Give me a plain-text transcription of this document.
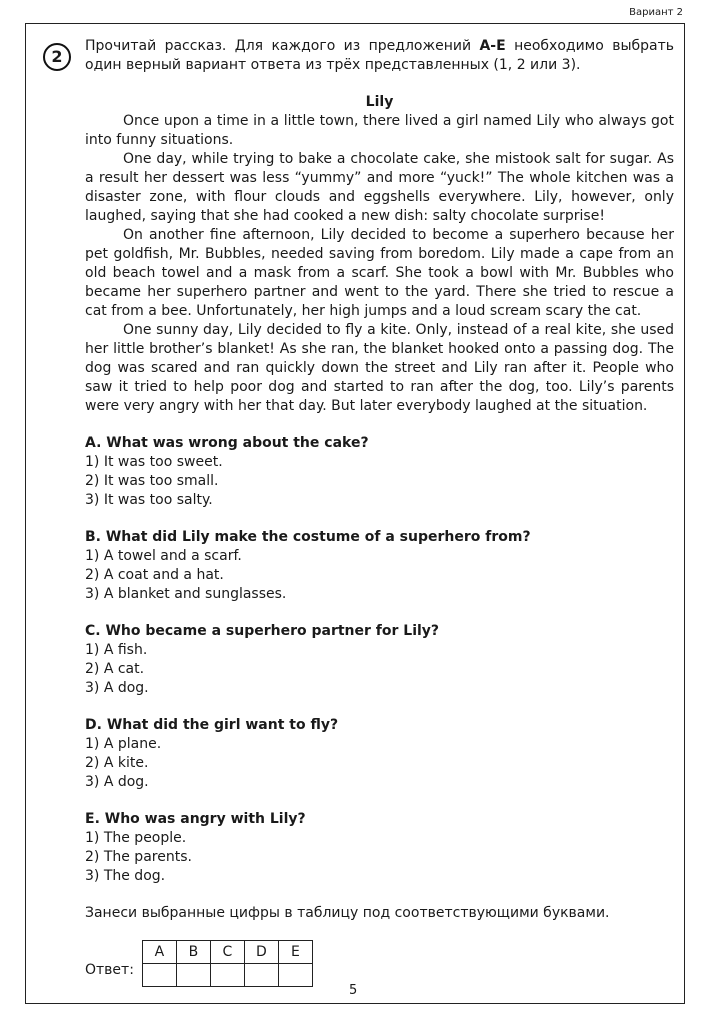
Вариант 2
2

Прочитай рассказ. Для каждого из предложений A-E необходимо выбрать один верный вариант ответа из трёх представленных (1, 2 или 3).

Lily

Once upon a time in a little town, there lived a girl named Lily who always got into funny situations.

One day, while trying to bake a chocolate cake, she mistook salt for sugar. As a result her dessert was less “yummy” and more “yuck!” The whole kitchen was a disaster zone, with flour clouds and eggshells everywhere. Lily, however, only laughed, saying that she had cooked a new dish: salty chocolate surprise!

On another fine afternoon, Lily decided to become a superhero because her pet goldfish, Mr. Bubbles, needed saving from boredom. Lily made a cape from an old beach towel and a mask from a scarf. She took a bowl with Mr. Bubbles who became her superhero partner and went to the yard. There she tried to rescue a cat from a bee. Unfortunately, her high jumps and a loud scream scary the cat.

One sunny day, Lily decided to fly a kite. Only, instead of a real kite, she used her little brother’s blanket! As she ran, the blanket hooked onto a passing dog. The dog was scared and ran quickly down the street and Lily ran after it. People who saw it tried to help poor dog and started to ran after the dog, too. Lily’s parents were very angry with her that day. But later everybody laughed at the situation.

A. What was wrong about the cake?

1) It was too sweet.

2) It was too small.

3) It was too salty.

B. What did Lily make the costume of a superhero from?

1) A towel and a scarf.

2) A coat and a hat.

3) A blanket and sunglasses.

C. Who became a superhero partner for Lily?

1) A fish.

2) A cat.

3) A dog.

D. What did the girl want to fly?

1) A plane.

2) A kite.

3) A dog.

E. Who was angry with Lily?

1) The people.

2) The parents.

3) The dog.

Занеси выбранные цифры в таблицу под соответствующими буквами.

Ответ:
A	B	C	D	E

5
